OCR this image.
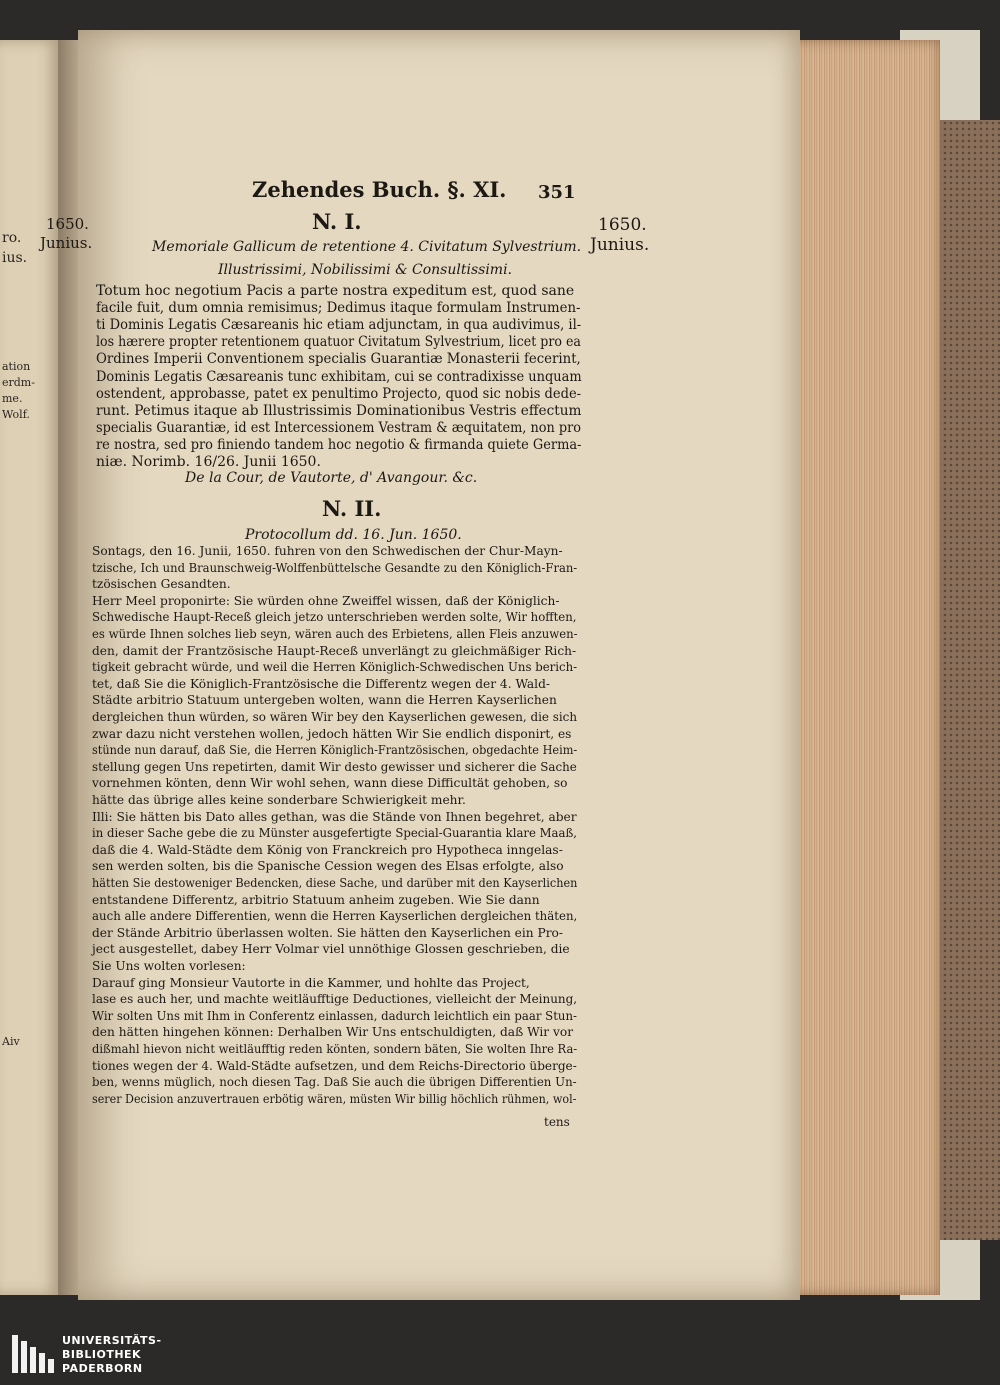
ro.
ius.
ation
erdm-
me.
Wolf.
Aiv
Zehendes Buch. §. XI. 351
1650.
Junius.
1650.
Junius.
N. I.
Memoriale Gallicum de retentione 4. Civitatum Sylvestrium.
Illustrissimi, Nobilissimi & Consultissimi.
Totum hoc negotium Pacis a parte nostra expeditum est, quod sane
facile fuit, dum omnia remisimus; Dedimus itaque formulam Instrumen-
ti Dominis Legatis Cæsareanis hic etiam adjunctam, in qua audivimus, il-
los hærere propter retentionem quatuor Civitatum Sylvestrium, licet pro ea
Ordines Imperii Conventionem specialis Guarantiæ Monasterii fecerint,
Dominis Legatis Cæsareanis tunc exhibitam, cui se contradixisse unquam
ostendent, approbasse, patet ex penultimo Projecto, quod sic nobis dede-
runt. Petimus itaque ab Illustrissimis Dominationibus Vestris effectum
specialis Guarantiæ, id est Intercessionem Vestram & æquitatem, non pro
re nostra, sed pro finiendo tandem hoc negotio & firmanda quiete Germa-
niæ. Norimb. 16/26. Junii 1650.
De la Cour, de Vautorte, d' Avangour. &c.
N. II.
Protocollum dd. 16. Jun. 1650.
Sontags, den 16. Junii, 1650. fuhren von den Schwedischen der Chur-Mayn-
tzische, Ich und Braunschweig-Wolffenbüttelsche Gesandte zu den Königlich-Fran-
tzösischen Gesandten.
Herr Meel proponirte: Sie würden ohne Zweiffel wissen, daß der Königlich-
Schwedische Haupt-Receß gleich jetzo unterschrieben werden solte, Wir hofften,
es würde Ihnen solches lieb seyn, wären auch des Erbietens, allen Fleis anzuwen-
den, damit der Frantzösische Haupt-Receß unverlängt zu gleichmäßiger Rich-
tigkeit gebracht würde, und weil die Herren Königlich-Schwedischen Uns berich-
tet, daß Sie die Königlich-Frantzösische die Differentz wegen der 4. Wald-
Städte arbitrio Statuum untergeben wolten, wann die Herren Kayserlichen
dergleichen thun würden, so wären Wir bey den Kayserlichen gewesen, die sich
zwar dazu nicht verstehen wollen, jedoch hätten Wir Sie endlich disponirt, es
stünde nun darauf, daß Sie, die Herren Königlich-Frantzösischen, obgedachte Heim-
stellung gegen Uns repetirten, damit Wir desto gewisser und sicherer die Sache
vornehmen könten, denn Wir wohl sehen, wann diese Difficultät gehoben, so
hätte das übrige alles keine sonderbare Schwierigkeit mehr.
Illi: Sie hätten bis Dato alles gethan, was die Stände von Ihnen begehret, aber
in dieser Sache gebe die zu Münster ausgefertigte Special-Guarantia klare Maaß,
daß die 4. Wald-Städte dem König von Franckreich pro Hypotheca inngelas-
sen werden solten, bis die Spanische Cession wegen des Elsas erfolgte, also
hätten Sie destoweniger Bedencken, diese Sache, und darüber mit den Kayserlichen
entstandene Differentz, arbitrio Statuum anheim zugeben. Wie Sie dann
auch alle andere Differentien, wenn die Herren Kayserlichen dergleichen thäten,
der Stände Arbitrio überlassen wolten. Sie hätten den Kayserlichen ein Pro-
ject ausgestellet, dabey Herr Volmar viel unnöthige Glossen geschrieben, die
Sie Uns wolten vorlesen:
Darauf ging Monsieur Vautorte in die Kammer, und hohlte das Project,
lase es auch her, und machte weitläufftige Deductiones, vielleicht der Meinung,
Wir solten Uns mit Ihm in Conferentz einlassen, dadurch leichtlich ein paar Stun-
den hätten hingehen können: Derhalben Wir Uns entschuldigten, daß Wir vor
dißmahl hievon nicht weitläufftig reden könten, sondern bäten, Sie wolten Ihre Ra-
tiones wegen der 4. Wald-Städte aufsetzen, und dem Reichs-Directorio überge-
ben, wenns müglich, noch diesen Tag. Daß Sie auch die übrigen Differentien Un-
serer Decision anzuvertrauen erbötig wären, müsten Wir billig höchlich rühmen, wol-
tens
UNIVERSITÄTS-
BIBLIOTHEK
PADERBORN
